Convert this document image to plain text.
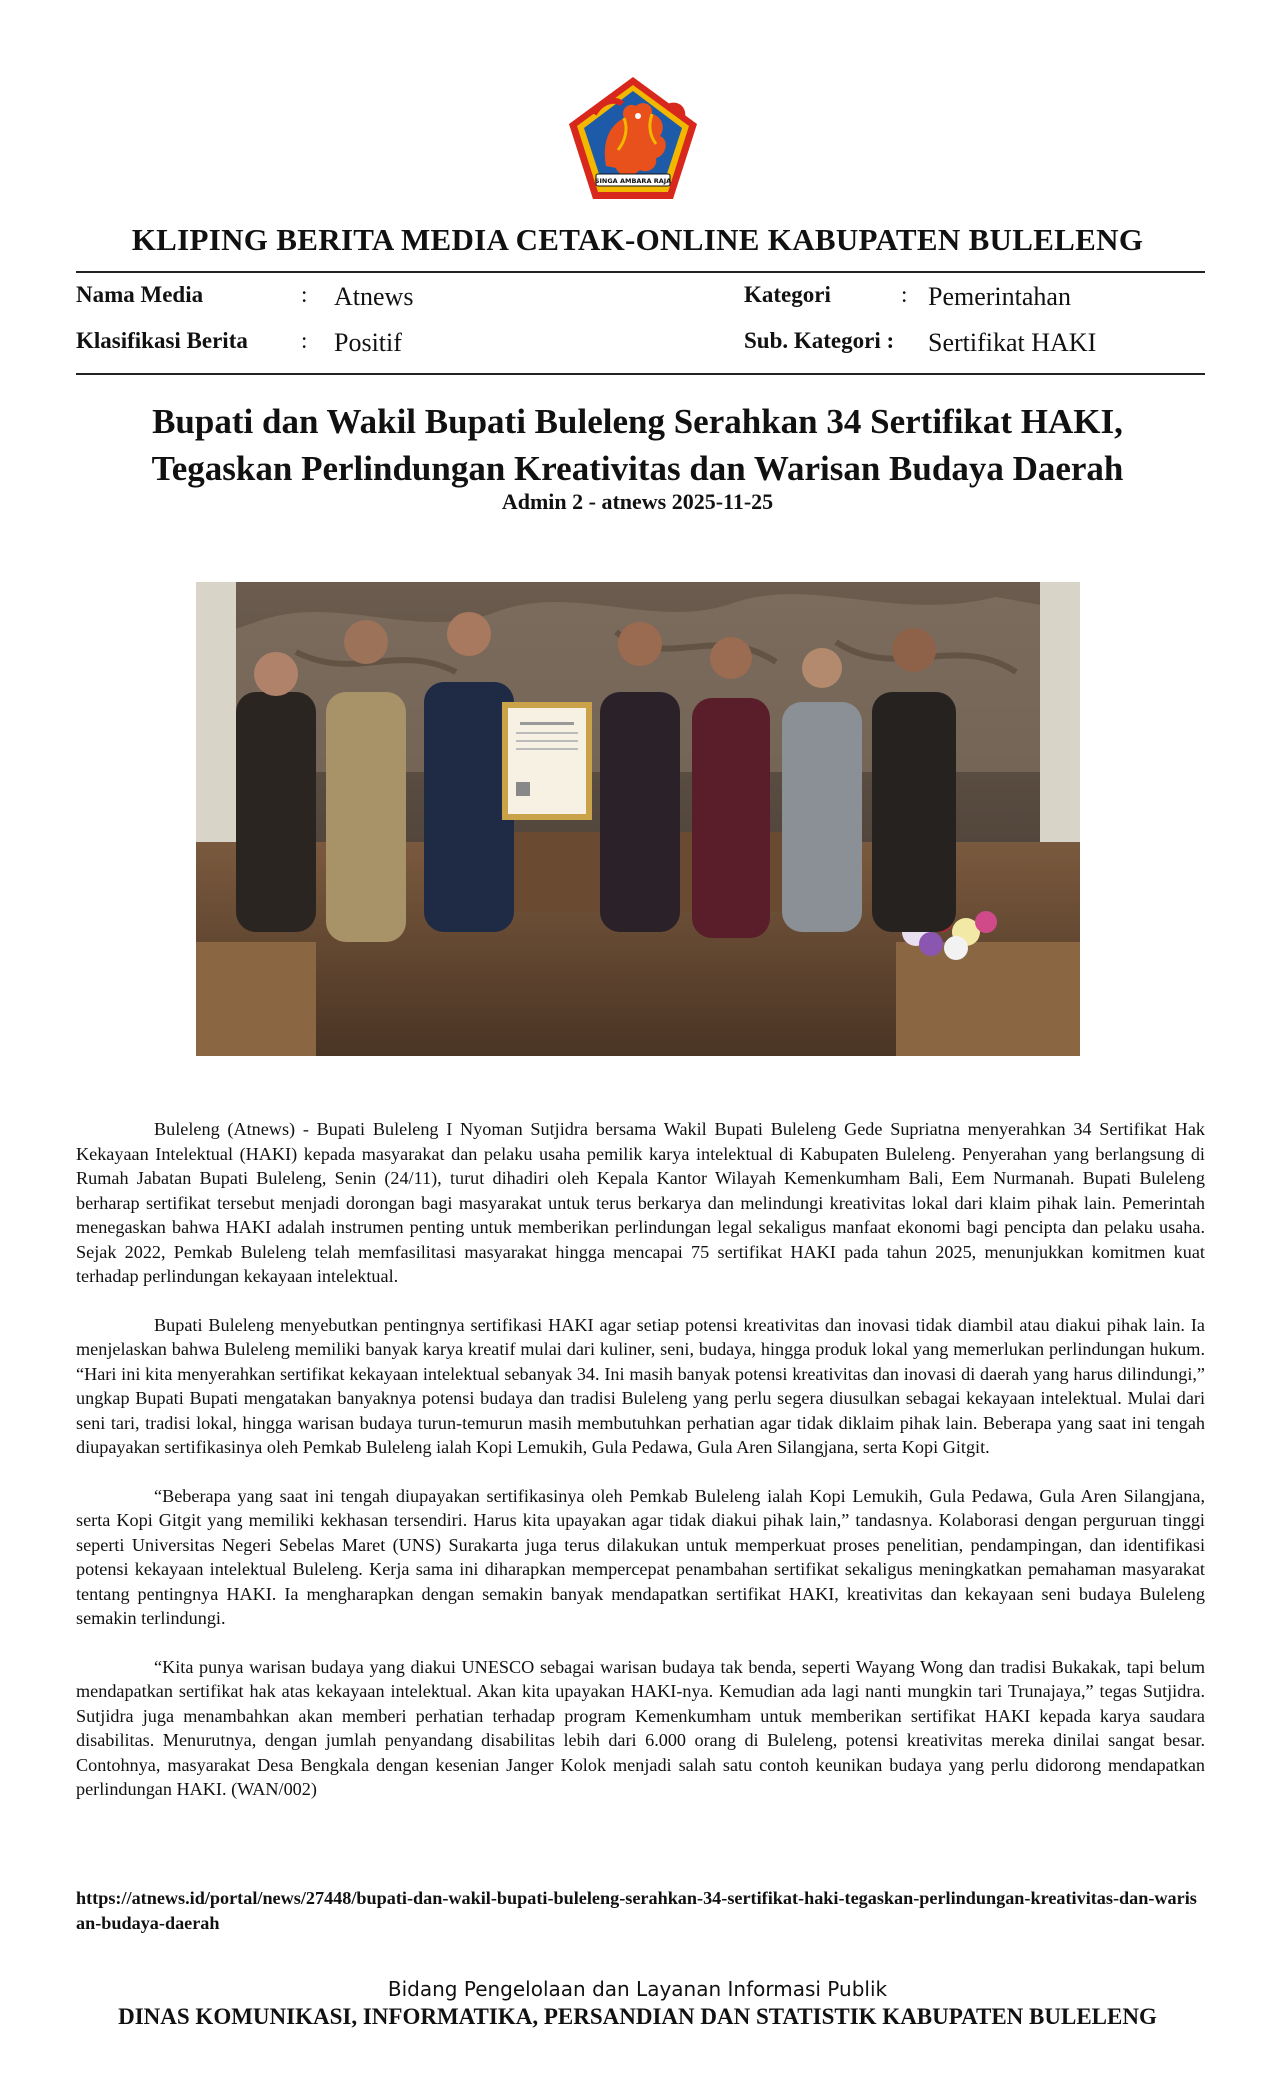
SINGA AMBARA RAJA
KLIPING BERITA MEDIA CETAK-ONLINE KABUPATEN BULELENG
Nama Media	: Atnews
Klasifikasi Berita : Positif
Kategori	: Pemerintahan
Sub. Kategori : Sertifikat HAKI
Bupati dan Wakil Bupati Buleleng Serahkan 34 Sertifikat HAKI,
Tegaskan Perlindungan Kreativitas dan Warisan Budaya Daerah
Admin 2 - atnews 2025-11-25

Buleleng (Atnews) - Bupati Buleleng I Nyoman Sutjidra bersama Wakil Bupati Buleleng Gede Supriatna menyerahkan 34 Sertifikat Hak Kekayaan Intelektual (HAKI) kepada masyarakat dan pelaku usaha pemilik karya intelektual di Kabupaten Buleleng. Penyerahan yang berlangsung di Rumah Jabatan Bupati Buleleng, Senin (24/11), turut dihadiri oleh Kepala Kantor Wilayah Kemenkumham Bali, Eem Nurmanah. Bupati Buleleng berharap sertifikat tersebut menjadi dorongan bagi masyarakat untuk terus berkarya dan melindungi kreativitas lokal dari klaim pihak lain. Pemerintah menegaskan bahwa HAKI adalah instrumen penting untuk memberikan perlindungan legal sekaligus manfaat ekonomi bagi pencipta dan pelaku usaha. Sejak 2022, Pemkab Buleleng telah memfasilitasi masyarakat hingga mencapai 75 sertifikat HAKI pada tahun 2025, menunjukkan komitmen kuat terhadap perlindungan kekayaan intelektual.

Bupati Buleleng menyebutkan pentingnya sertifikasi HAKI agar setiap potensi kreativitas dan inovasi tidak diambil atau diakui pihak lain. Ia menjelaskan bahwa Buleleng memiliki banyak karya kreatif mulai dari kuliner, seni, budaya, hingga produk lokal yang memerlukan perlindungan hukum. “Hari ini kita menyerahkan sertifikat kekayaan intelektual sebanyak 34. Ini masih banyak potensi kreativitas dan inovasi di daerah yang harus dilindungi,” ungkap Bupati Bupati mengatakan banyaknya potensi budaya dan tradisi Buleleng yang perlu segera diusulkan sebagai kekayaan intelektual. Mulai dari seni tari, tradisi lokal, hingga warisan budaya turun-temurun masih membutuhkan perhatian agar tidak diklaim pihak lain. Beberapa yang saat ini tengah diupayakan sertifikasinya oleh Pemkab Buleleng ialah Kopi Lemukih, Gula Pedawa, Gula Aren Silangjana, serta Kopi Gitgit.

“Beberapa yang saat ini tengah diupayakan sertifikasinya oleh Pemkab Buleleng ialah Kopi Lemukih, Gula Pedawa, Gula Aren Silangjana, serta Kopi Gitgit yang memiliki kekhasan tersendiri. Harus kita upayakan agar tidak diakui pihak lain,” tandasnya. Kolaborasi dengan perguruan tinggi seperti Universitas Negeri Sebelas Maret (UNS) Surakarta juga terus dilakukan untuk memperkuat proses penelitian, pendampingan, dan identifikasi potensi kekayaan intelektual Buleleng. Kerja sama ini diharapkan mempercepat penambahan sertifikat sekaligus meningkatkan pemahaman masyarakat tentang pentingnya HAKI. Ia mengharapkan dengan semakin banyak mendapatkan sertifikat HAKI, kreativitas dan kekayaan seni budaya Buleleng semakin terlindungi.

“Kita punya warisan budaya yang diakui UNESCO sebagai warisan budaya tak benda, seperti Wayang Wong dan tradisi Bukakak, tapi belum mendapatkan sertifikat hak atas kekayaan intelektual. Akan kita upayakan HAKI-nya. Kemudian ada lagi nanti mungkin tari Trunajaya,” tegas Sutjidra. Sutjidra juga menambahkan akan memberi perhatian terhadap program Kemenkumham untuk memberikan sertifikat HAKI kepada karya saudara disabilitas. Menurutnya, dengan jumlah penyandang disabilitas lebih dari 6.000 orang di Buleleng, potensi kreativitas mereka dinilai sangat besar. Contohnya, masyarakat Desa Bengkala dengan kesenian Janger Kolok menjadi salah satu contoh keunikan budaya yang perlu didorong mendapatkan perlindungan HAKI. (WAN/002)

https://atnews.id/portal/news/27448/bupati-dan-wakil-bupati-buleleng-serahkan-34-sertifikat-haki-tegaskan-perlindungan-kreativitas-dan-warisan-budaya-daerah
Bidang Pengelolaan dan Layanan Informasi Publik
DINAS KOMUNIKASI, INFORMATIKA, PERSANDIAN DAN STATISTIK KABUPATEN BULELENG
